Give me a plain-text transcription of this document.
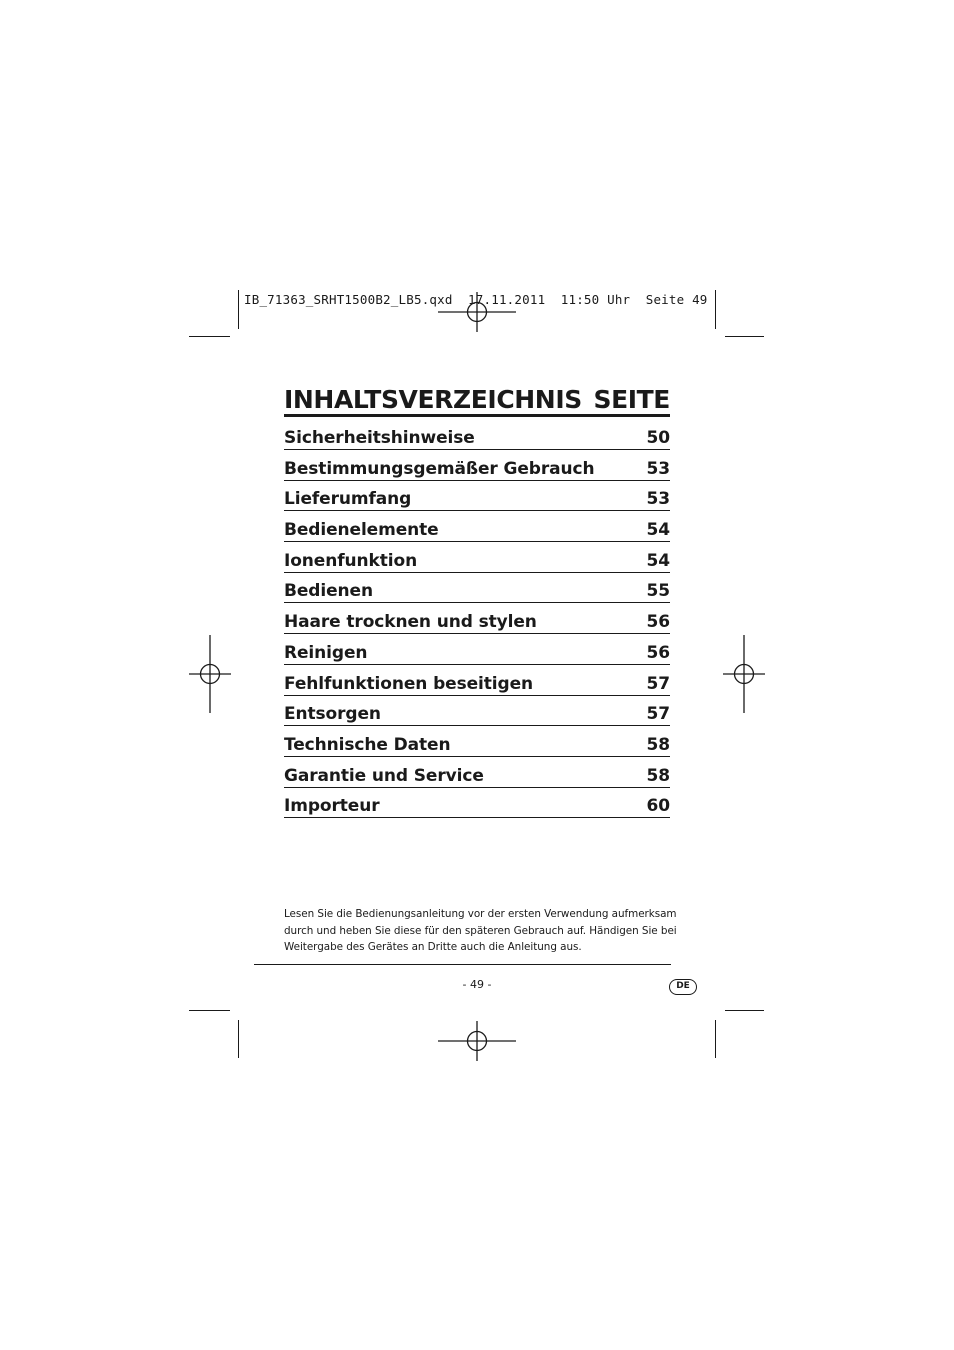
IB_71363_SRHT1500B2_LB5.qxd  17.11.2011  11:50 Uhr  Seite 49
INHALTSVERZEICHNIS SEITE
Sicherheitshinweise	50
Bestimmungsgemäßer Gebrauch	53
Lieferumfang	53
Bedienelemente	54
Ionenfunktion	54
Bedienen	55
Haare trocknen und stylen	56
Reinigen	56
Fehlfunktionen beseitigen	57
Entsorgen	57
Technische Daten	58
Garantie und Service	58
Importeur	60
Lesen Sie die Bedienungsanleitung vor der ersten Verwendung aufmerksam
durch und heben Sie diese für den späteren Gebrauch auf. Händigen Sie bei
Weitergabe des Gerätes an Dritte auch die Anleitung aus.
- 49 -	DE
